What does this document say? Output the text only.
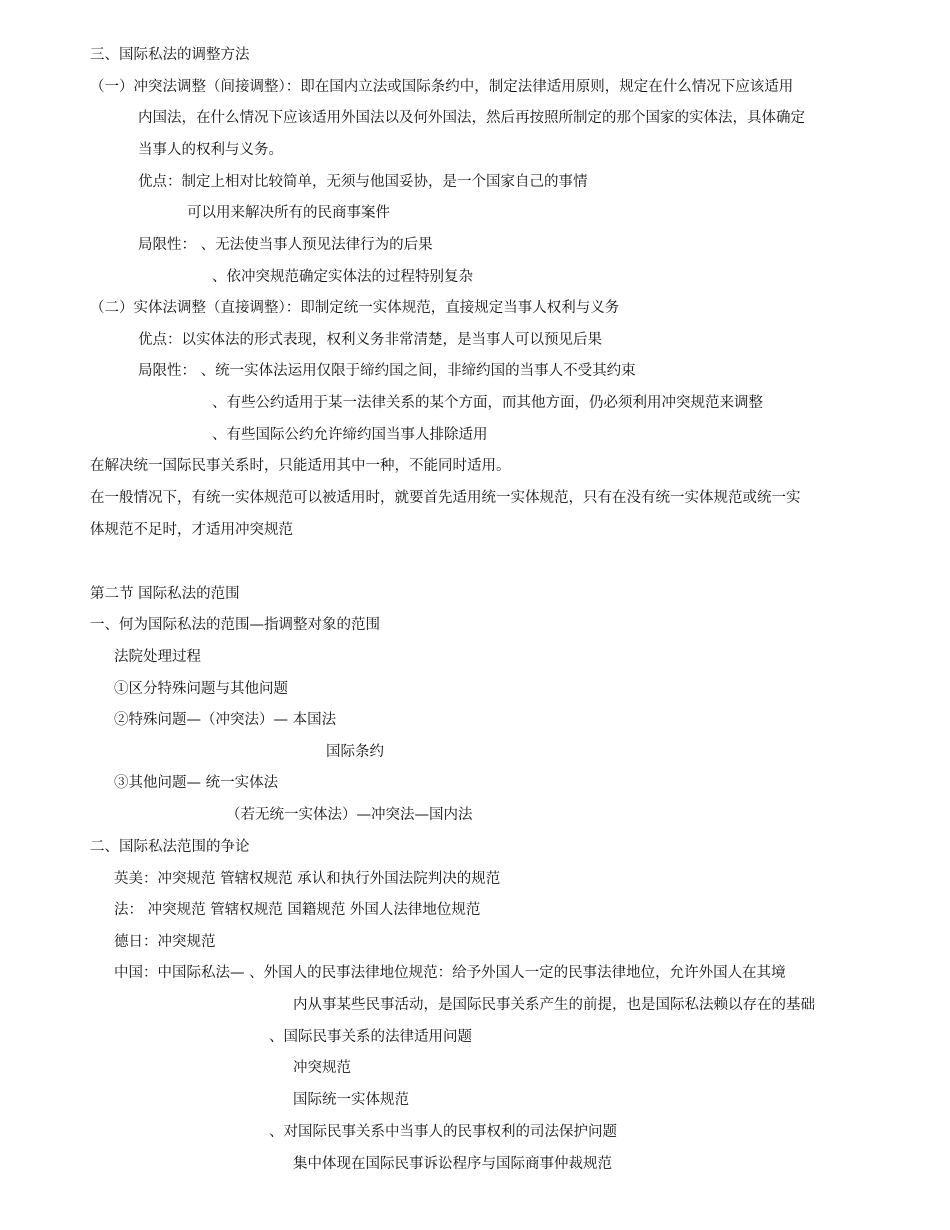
三、国际私法的调整方法
（一）冲突法调整（间接调整）：即在国内立法或国际条约中，制定法律适用原则，规定在什么情况下应该适用
内国法，在什么情况下应该适用外国法以及何外国法，然后再按照所制定的那个国家的实体法，具体确定
当事人的权利与义务。
优点：制定上相对比较简单，无须与他国妥协，是一个国家自己的事情
可以用来解决所有的民商事案件
局限性： 、无法使当事人预见法律行为的后果
、依冲突规范确定实体法的过程特别复杂
（二）实体法调整（直接调整）：即制定统一实体规范，直接规定当事人权利与义务
优点：以实体法的形式表现，权利义务非常清楚，是当事人可以预见后果
局限性： 、统一实体法运用仅限于缔约国之间，非缔约国的当事人不受其约束
、有些公约适用于某一法律关系的某个方面，而其他方面，仍必须利用冲突规范来调整
、有些国际公约允许缔约国当事人排除适用
在解决统一国际民事关系时，只能适用其中一种，不能同时适用。
在一般情况下，有统一实体规范可以被适用时，就要首先适用统一实体规范，只有在没有统一实体规范或统一实
体规范不足时，才适用冲突规范
第二节 国际私法的范围
一、何为国际私法的范围—指调整对象的范围
法院处理过程
①区分特殊问题与其他问题
②特殊问题—（冲突法）— 本国法
国际条约
③其他问题— 统一实体法
（若无统一实体法）—冲突法—国内法
二、国际私法范围的争论
英美：冲突规范 管辖权规范 承认和执行外国法院判决的规范
法： 冲突规范 管辖权规范 国籍规范 外国人法律地位规范
德日：冲突规范
中国：中国际私法— 、外国人的民事法律地位规范：给予外国人一定的民事法律地位，允许外国人在其境
内从事某些民事活动，是国际民事关系产生的前提，也是国际私法赖以存在的基础
、国际民事关系的法律适用问题
冲突规范
国际统一实体规范
、对国际民事关系中当事人的民事权利的司法保护问题
集中体现在国际民事诉讼程序与国际商事仲裁规范
